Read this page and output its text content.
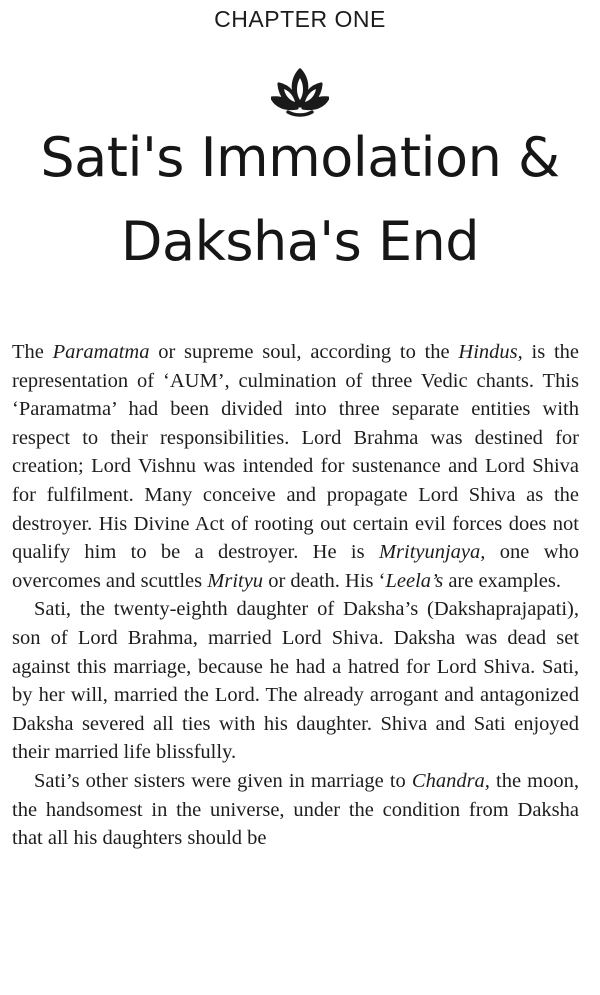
CHAPTER ONE
Sati's Immolation &
Daksha's End

The Paramatma or supreme soul, according to the Hindus, is the representation of ‘AUM’, culmination of three Vedic chants. This ‘Paramatma’ had been divided into three separate entities with respect to their responsibilities. Lord Brahma was destined for creation; Lord Vishnu was intended for sustenance and Lord Shiva for fulfilment. Many conceive and propagate Lord Shiva as the destroyer. His Divine Act of rooting out certain evil forces does not qualify him to be a destroyer. He is Mrityunjaya, one who overcomes and scuttles Mrityu or death. His ‘Leela’s are examples.

Sati, the twenty-eighth daughter of Daksha’s (Dakshaprajapati), son of Lord Brahma, married Lord Shiva. Daksha was dead set against this marriage, because he had a hatred for Lord Shiva. Sati, by her will, married the Lord. The already arrogant and antagonized Daksha severed all ties with his daughter. Shiva and Sati enjoyed their married life blissfully.

Sati’s other sisters were given in marriage to Chandra, the moon, the handsomest in the universe, under the condition from Daksha that all his daughters should be
